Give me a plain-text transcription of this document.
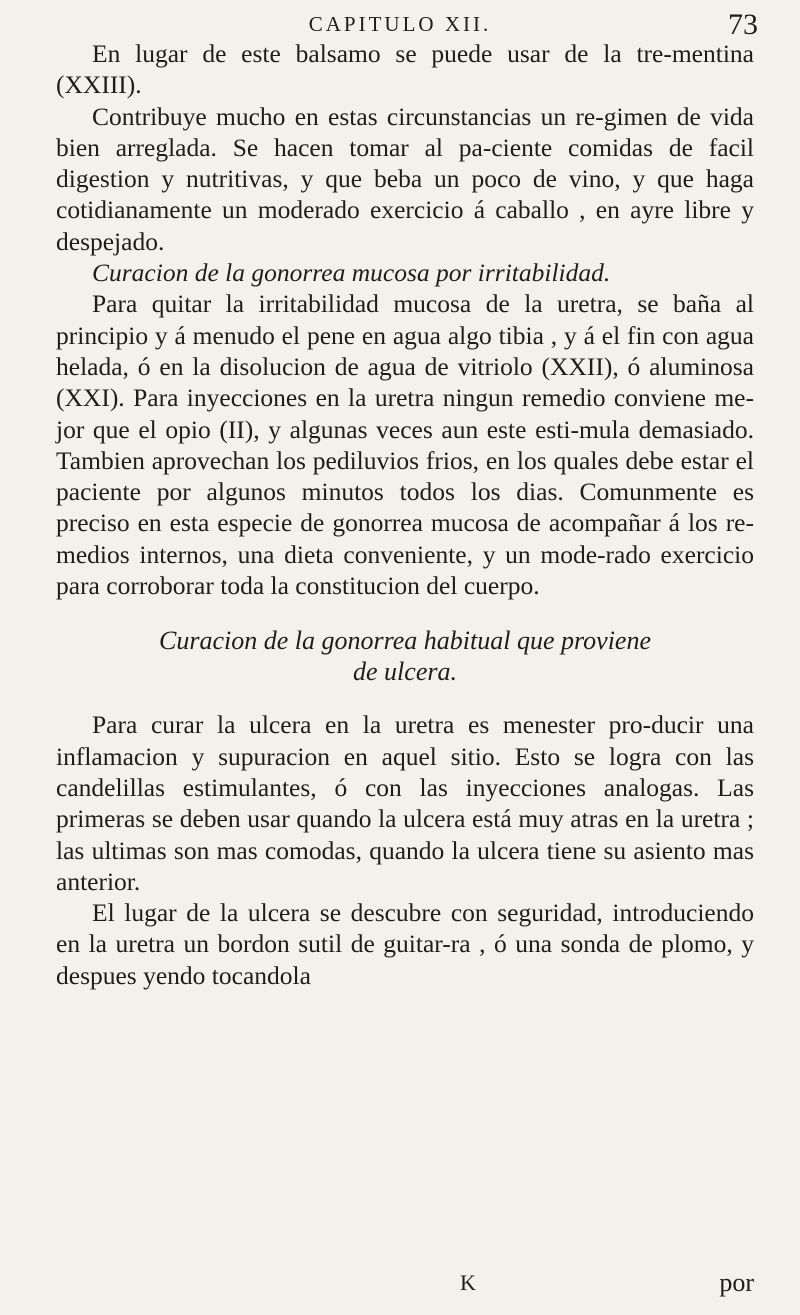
CAPITULO XII.	73

En lugar de este balsamo se puede usar de la tre-mentina (XXIII).

Contribuye mucho en estas circunstancias un re-gimen de vida bien arreglada. Se hacen tomar al pa-ciente comidas de facil digestion y nutritivas, y que beba un poco de vino, y que haga cotidianamente un moderado exercicio á caballo , en ayre libre y despejado.

Curacion de la gonorrea mucosa por irritabilidad.

Para quitar la irritabilidad mucosa de la uretra, se baña al principio y á menudo el pene en agua algo tibia , y á el fin con agua helada, ó en la disolucion de agua de vitriolo (XXII), ó aluminosa (XXI). Para inyecciones en la uretra ningun remedio conviene me-jor que el opio (II), y algunas veces aun este esti-mula demasiado. Tambien aprovechan los pediluvios frios, en los quales debe estar el paciente por algunos minutos todos los dias. Comunmente es preciso en esta especie de gonorrea mucosa de acompañar á los re-medios internos, una dieta conveniente, y un mode-rado exercicio para corroborar toda la constitucion del cuerpo.

Curacion de la gonorrea habitual que proviene
de ulcera.

Para curar la ulcera en la uretra es menester pro-ducir una inflamacion y supuracion en aquel sitio. Esto se logra con las candelillas estimulantes, ó con las inyecciones analogas. Las primeras se deben usar quando la ulcera está muy atras en la uretra ; las ultimas son mas comodas, quando la ulcera tiene su asiento mas anterior.

El lugar de la ulcera se descubre con seguridad, introduciendo en la uretra un bordon sutil de guitar-ra , ó una sonda de plomo, y despues yendo tocandola

K	por
